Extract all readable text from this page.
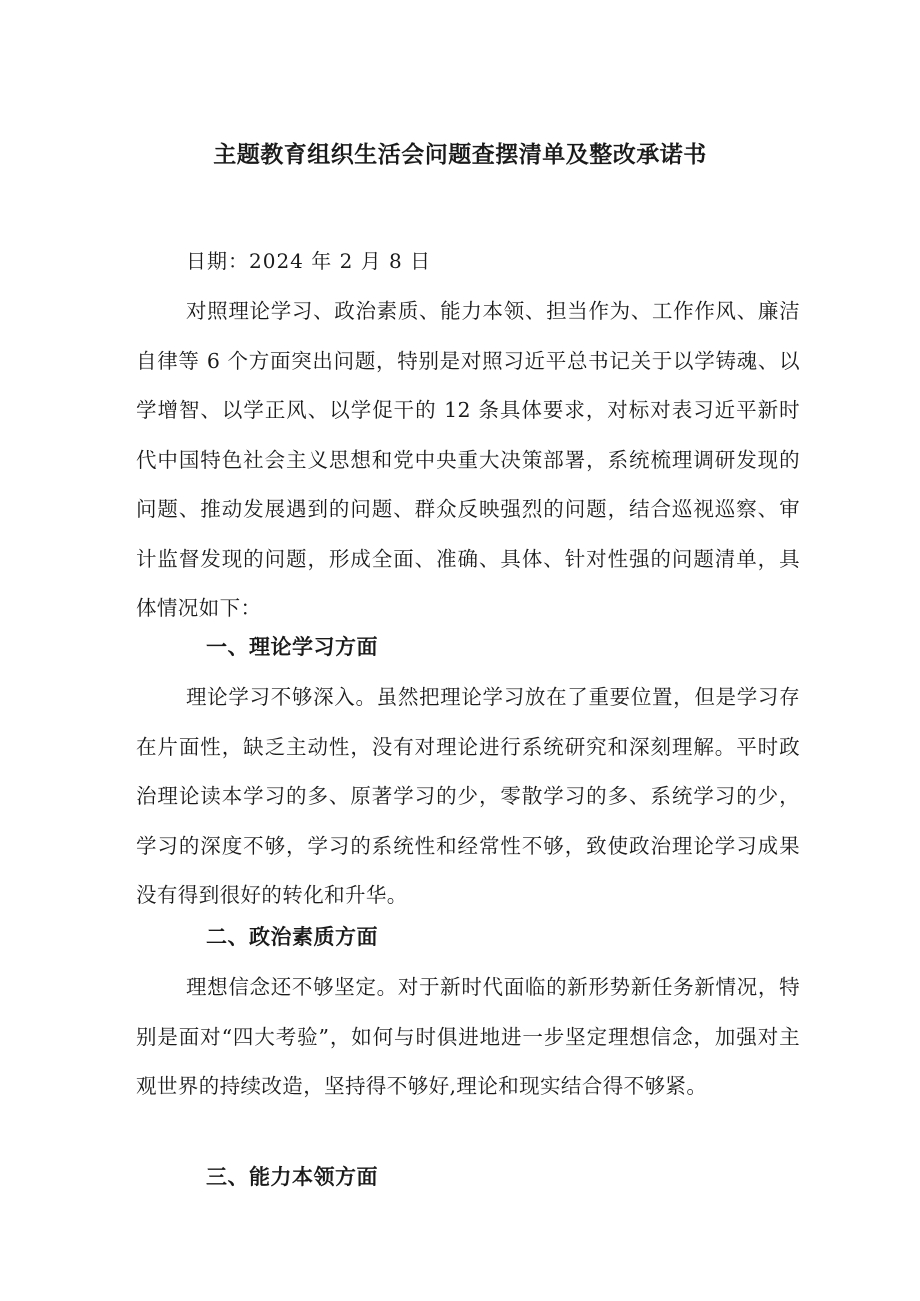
主题教育组织生活会问题查摆清单及整改承诺书

日期：2024 年 2 月 8 日

对照理论学习、政治素质、能力本领、担当作为、工作作风、廉洁自律等 6 个方面突出问题，特别是对照习近平总书记关于以学铸魂、以学增智、以学正风、以学促干的 12 条具体要求，对标对表习近平新时代中国特色社会主义思想和党中央重大决策部署，系统梳理调研发现的问题、推动发展遇到的问题、群众反映强烈的问题，结合巡视巡察、审计监督发现的问题，形成全面、准确、具体、针对性强的问题清单，具体情况如下：

一、理论学习方面

理论学习不够深入。虽然把理论学习放在了重要位置，但是学习存在片面性，缺乏主动性，没有对理论进行系统研究和深刻理解。平时政治理论读本学习的多、原著学习的少，零散学习的多、系统学习的少，学习的深度不够，学习的系统性和经常性不够，致使政治理论学习成果没有得到很好的转化和升华。

二、政治素质方面

理想信念还不够坚定。对于新时代面临的新形势新任务新情况，特别是面对“四大考验”，如何与时俱进地进一步坚定理想信念，加强对主观世界的持续改造，坚持得不够好,理论和现实结合得不够紧。

三、能力本领方面
